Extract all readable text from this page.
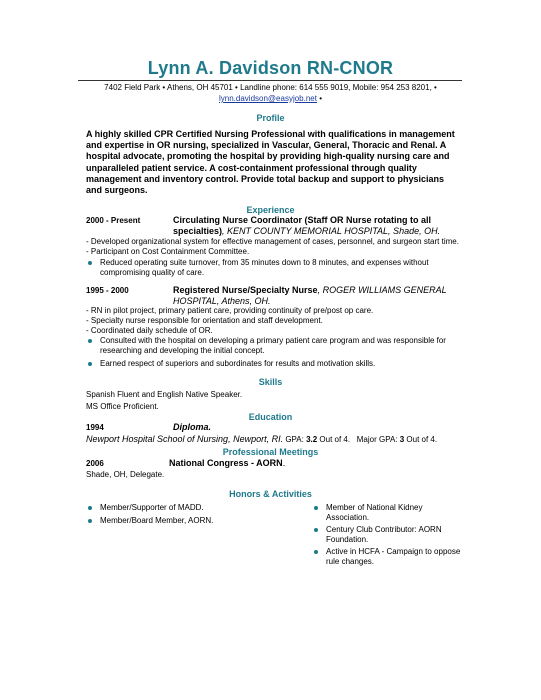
Lynn A. Davidson RN-CNOR
7402 Field Park • Athens, OH 45701 • Landline phone: 614 555 9019, Mobile: 954 253 8201, •
lynn.davidson@easyjob.net •
Profile
A highly skilled CPR Certified Nursing Professional with qualifications in management and expertise in OR nursing, specialized in Vascular, General, Thoracic and Renal. A hospital advocate, promoting the hospital by providing high-quality nursing care and unparalleled patient service. A cost-containment professional through quality management and inventory control. Provide total backup and support to physicians and surgeons.
Experience
2000 - Present	Circulating Nurse Coordinator (Staff OR Nurse rotating to all specialties), KENT COUNTY MEMORIAL HOSPITAL, Shade, OH.
- Developed organizational system for effective management of cases, personnel, and surgeon start time.
- Participant on Cost Containment Committee.
Reduced operating suite turnover, from 35 minutes down to 8 minutes, and expenses without compromising quality of care.
1995 - 2000	Registered Nurse/Specialty Nurse, ROGER WILLIAMS GENERAL HOSPITAL, Athens, OH.
- RN in pilot project, primary patient care, providing continuity of pre/post op care.
- Specialty nurse responsible for orientation and staff development.
- Coordinated daily schedule of OR.
Consulted with the hospital on developing a primary patient care program and was responsible for researching and developing the initial concept.
Earned respect of superiors and subordinates for results and motivation skills.
Skills
Spanish Fluent and English Native Speaker.
MS Office Proficient.
Education
1994	Diploma.
Newport Hospital School of Nursing, Newport, RI. GPA: 3.2 Out of 4.   Major GPA: 3 Out of 4.
Professional Meetings
2006	National Congress - AORN.
Shade, OH, Delegate.
Honors & Activities
Member/Supporter of MADD.
Member/Board Member, AORN.
Member of National Kidney Association.
Century Club Contributor: AORN Foundation.
Active in HCFA - Campaign to oppose rule changes.
